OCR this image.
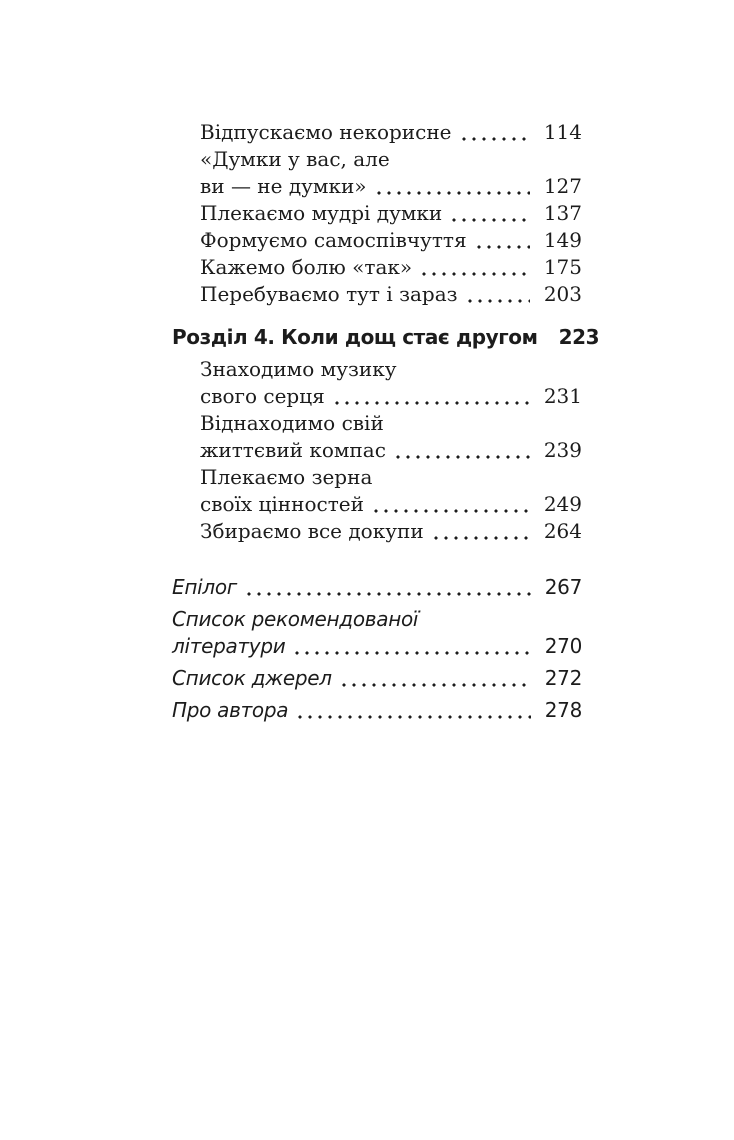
Відпускаємо некорисне	114
«Думки у вас, але
ви — не думки»	127
Плекаємо мудрі думки	137
Формуємо самоспівчуття	149
Кажемо болю «так»	175
Перебуваємо тут і зараз	203
Розділ 4. Коли дощ стає другом 223
Знаходимо музику
свого серця	231
Віднаходимо свій
життєвий компас	239
Плекаємо зерна
своїх цінностей	249
Збираємо все докупи	264
Епілог	267
Список рекомендованої
літератури	270
Список джерел	272
Про автора	278
